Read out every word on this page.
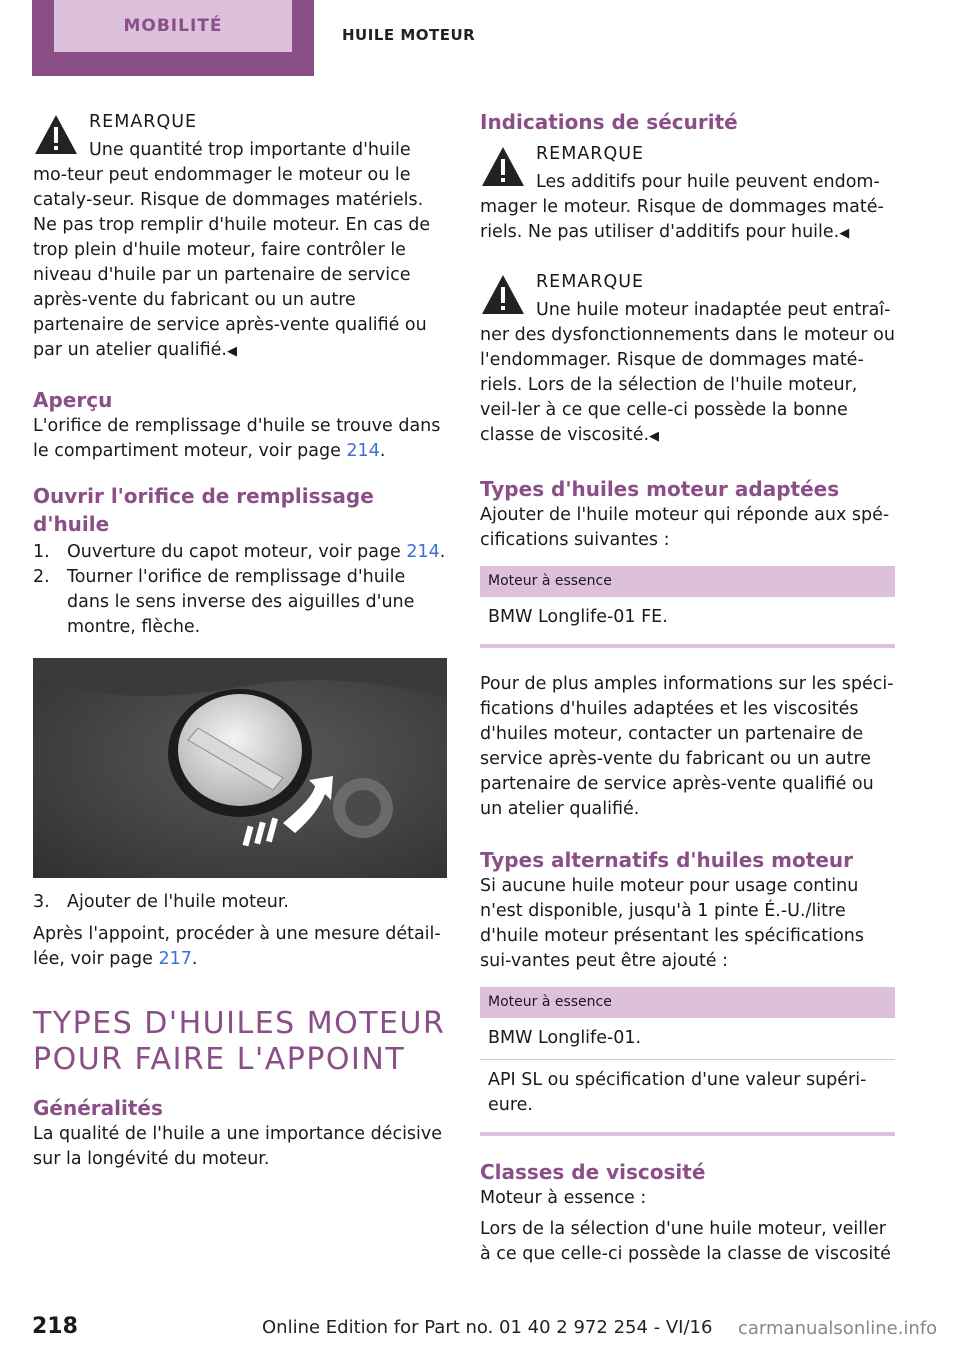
MOBILITÉ	HUILE MOTEUR
REMARQUE
Une quantité trop importante d'huile mo‐teur peut endommager le moteur ou le cataly‐seur. Risque de dommages matériels. Ne pas trop remplir d'huile moteur. En cas de trop plein d'huile moteur, faire contrôler le niveau d'huile par un partenaire de service après-vente du fabricant ou un autre partenaire de service après-vente qualifié ou par un atelier qualifié.◀
Aperçu

L'orifice de remplissage d'huile se trouve dans le compartiment moteur, voir page 214.

Ouvrir l'orifice de remplissage d'huile
1. Ouverture du capot moteur, voir page 214.
2. Tourner l'orifice de remplissage d'huile dans le sens inverse des aiguilles d'une montre, flèche.
3. Ajouter de l'huile moteur.

Après l'appoint, procéder à une mesure détail‐lée, voir page 217.

TYPES D'HUILES MOTEUR POUR FAIRE L'APPOINT
Généralités

La qualité de l'huile a une importance décisive sur la longévité du moteur.

Indications de sécurité
REMARQUE
Les additifs pour huile peuvent endom‐mager le moteur. Risque de dommages maté‐riels. Ne pas utiliser d'additifs pour huile.◀
REMARQUE
Une huile moteur inadaptée peut entraî‐ner des dysfonctionnements dans le moteur ou l'endommager. Risque de dommages maté‐riels. Lors de la sélection de l'huile moteur, veil‐ler à ce que celle-ci possède la bonne classe de viscosité.◀
Types d'huiles moteur adaptées

Ajouter de l'huile moteur qui réponde aux spé‐cifications suivantes :

Moteur à essence
BMW Longlife-01 FE.

Pour de plus amples informations sur les spéci‐fications d'huiles adaptées et les viscosités d'huiles moteur, contacter un partenaire de service après-vente du fabricant ou un autre partenaire de service après-vente qualifié ou un atelier qualifié.

Types alternatifs d'huiles moteur

Si aucune huile moteur pour usage continu n'est disponible, jusqu'à 1 pinte É.-U./litre d'huile moteur présentant les spécifications sui‐vantes peut être ajouté :

Moteur à essence
BMW Longlife-01.
API SL ou spécification d'une valeur supéri‐eure.
Classes de viscosité

Moteur à essence :

Lors de la sélection d'une huile moteur, veiller à ce que celle-ci possède la classe de viscosité

218	Online Edition for Part no. 01 40 2 972 254 - VI/16 carmanualsonline.info
